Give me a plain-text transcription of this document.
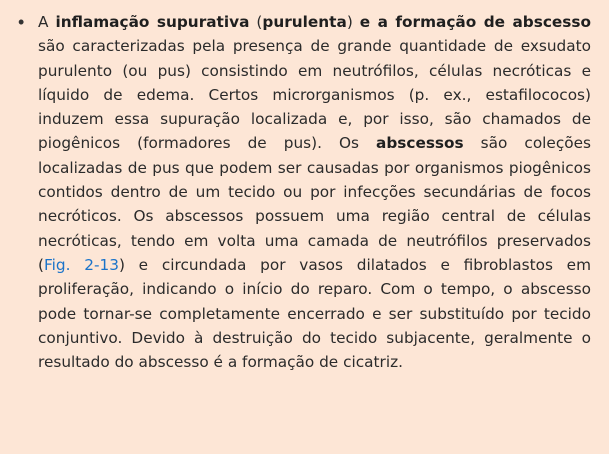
• A inflamação supurativa (purulenta) e a formação de abscesso são caracterizadas pela presença de grande quantidade de exsudato purulento (ou pus) consistindo em neutrófilos, células necróticas e líquido de edema. Certos microrganismos (p. ex., estafilococos) induzem essa supuração localizada e, por isso, são chamados de piogênicos (formadores de pus). Os abscessos são coleções localizadas de pus que podem ser causadas por organismos piogênicos contidos dentro de um tecido ou por infecções secundárias de focos necróticos. Os abscessos possuem uma região central de células necróticas, tendo em volta uma camada de neutrófilos preservados (Fig. 2-13) e circundada por vasos dilatados e fibroblastos em proliferação, indicando o início do reparo. Com o tempo, o abscesso pode tornar-se completamente encerrado e ser substituído por tecido conjuntivo. Devido à destruição do tecido subjacente, geralmente o resultado do abscesso é a formação de cicatriz.
